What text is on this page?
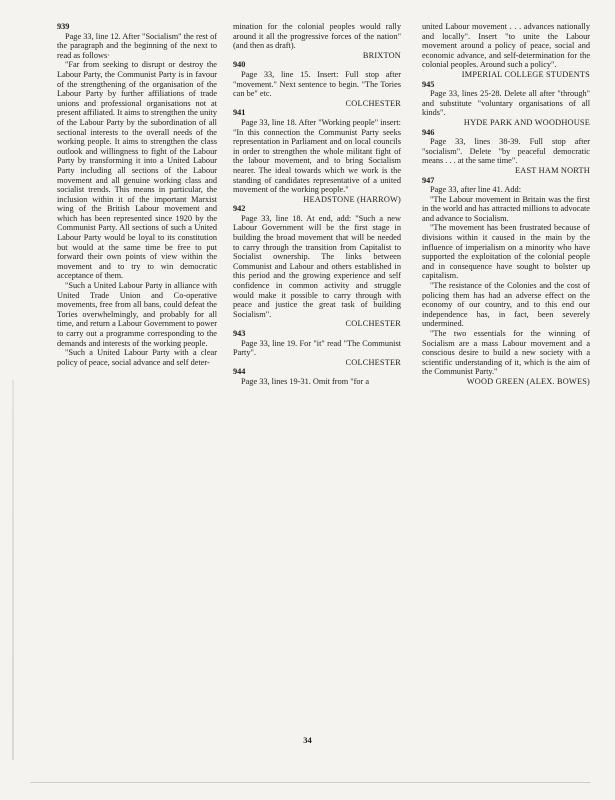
939

Page 33, line 12. After "Socialism" the rest of the paragraph and the beginning of the next to read as follows·

"Far from seeking to disrupt or destroy the Labour Party, the Communist Party is in favour of the strengthening of the organisation of the Labour Party by further affiliations of trade unions and professional organisations not at present affiliated. It aims to strengthen the unity of the Labour Party by the subordination of all sectional interests to the overall needs of the working people. It aims to strengthen the class outlook and willingness to fight of the Labour Party by transforming it into a United Labour Party including all sections of the Labour movement and all genuine working class and socialist trends. This means in particular, the inclusion within it of the important Marxist wing of the British Labour movement and which has been represented since 1920 by the Communist Party. All sections of such a United Labour Party would be loyal to its constitution but would at the same time be free to put forward their own points of view within the movement and to try to win democratic acceptance of them.

"Such a United Labour Party in alliance with United Trade Union and Co-operative movements, free from all bans, could defeat the Tories overwhelmingly, and probably for all time, and return a Labour Government to power to carry out a programme corresponding to the demands and interests of the working people.

"Such a United Labour Party with a clear policy of peace, social advance and self deter-

mination for the colonial peoples would rally around it all the progressive forces of the nation" (and then as draft).

BRIXTON

940

Page 33, line 15. Insert: Full stop after "movement." Next sentence to begin. "The Tories can be" etc.

COLCHESTER

941

Page 33, line 18. After "Working people" insert: "In this connection the Communist Party seeks representation in Parliament and on local councils in order to strengthen the whole militant fight of the labour movement, and to bring Socialism nearer. The ideal towards which we work is the standing of candidates representative of a united movement of the working people."

HEADSTONE (HARROW)

942

Page 33, line 18. At end, add: "Such a new Labour Government will be the first stage in building the broad movement that will be needed to carry through the transition from Capitalist to Socialist ownership. The links between Communist and Labour and others established in this period and the growing experience and self confidence in common activity and struggle would make it possible to carry through with peace and justice the great task of building Socialism".

COLCHESTER

943

Page 33, line 19. For "it" read "The Communist Party".

COLCHESTER

944

Page 33, lines 19-31. Omit from "for a

united Labour movement . . . advances nationally and locally". Insert "to unite the Labour movement around a policy of peace, social and economic advance, and self-determination for the colonial peoples. Around such a policy".

IMPERIAL COLLEGE STUDENTS

945

Page 33, lines 25-28. Delete all after "through" and substitute "voluntary organisations of all kinds".

HYDE PARK AND WOODHOUSE

946

Page 33, lines 38-39. Full stop after "socialism". Delete "by peaceful democratic means . . . at the same time".

EAST HAM NORTH

947

Page 33, after line 41. Add:

"The Labour movement in Britain was the first in the world and has attracted millions to advocate and advance to Socialism.

"The movement has been frustrated because of divisions within it caused in the main by the influence of imperialism on a minority who have supported the exploitation of the colonial people and in consequence have sought to bolster up capitalism.

"The resistance of the Colonies and the cost of policing them has had an adverse effect on the economy of our country, and to this end our independence has, in fact, been severely undermined.

"The two essentials for the winning of Socialism are a mass Labour movement and a conscious desire to build a new society with a scientific understanding of it, which is the aim of the Communist Party."

WOOD GREEN (ALEX. BOWES)

34
